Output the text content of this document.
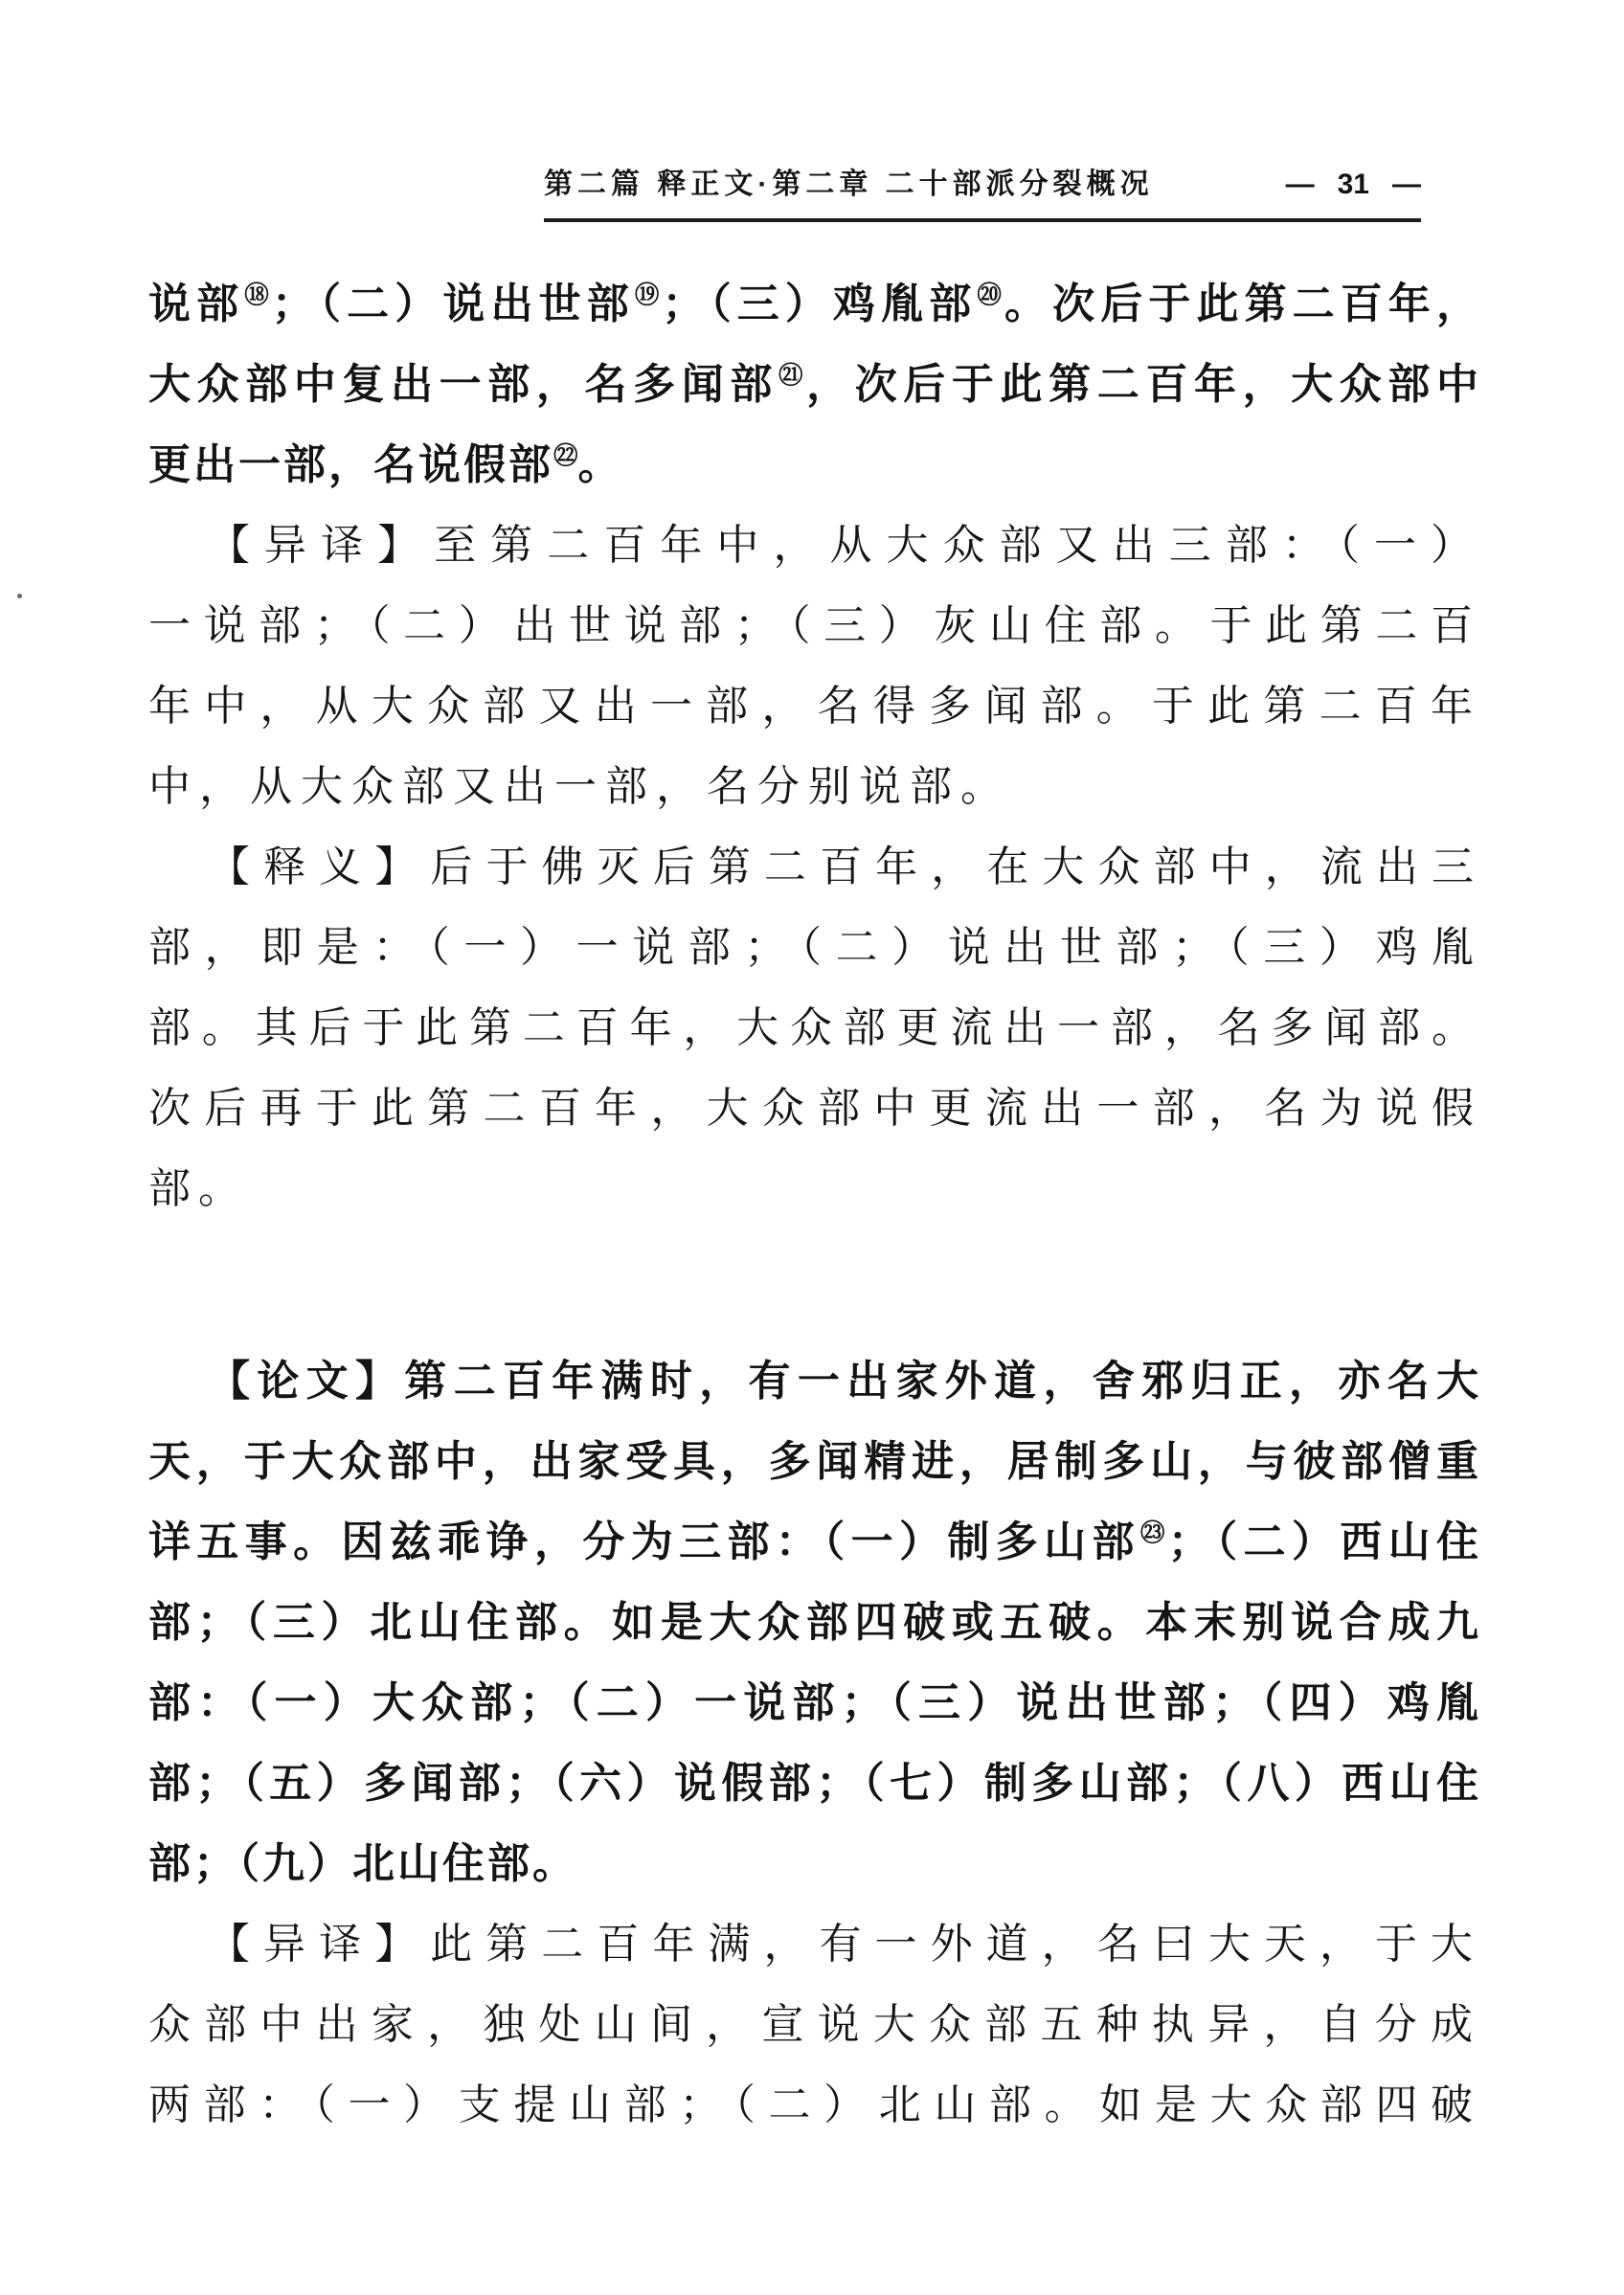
第二篇 释正文·第二章 二十部派分裂概况	— 31 —
说部⑱；（二）说出世部⑲；（三）鸡胤部⑳。次后于此第二百年，
大众部中复出一部，名多闻部$^㉑$，次后于此第二百年，大众部中
更出一部，名说假部$^㉒$。
【异译】至第二百年中，从大众部又出三部：（一）
一说部；（二）出世说部；（三）灰山住部。于此第二百
年中，从大众部又出一部，名得多闻部。于此第二百年
中，从大众部又出一部，名分别说部。
【释义】后于佛灭后第二百年，在大众部中，流出三
部，即是：（一）一说部；（二）说出世部；（三）鸡胤
部。其后于此第二百年，大众部更流出一部，名多闻部。
次后再于此第二百年，大众部中更流出一部，名为说假
部。
【论文】第二百年满时，有一出家外道，舍邪归正，亦名大
天，于大众部中，出家受具，多闻精进，居制多山，与彼部僧重
详五事。因兹乖诤，分为三部：（一）制多山部$^㉓$；（二）西山住
部；（三）北山住部。如是大众部四破或五破。本末别说合成九
部：（一）大众部；（二）一说部；（三）说出世部；（四）鸡胤
部；（五）多闻部；（六）说假部；（七）制多山部；（八）西山住
部；（九）北山住部。
【异译】此第二百年满，有一外道，名曰大天，于大
众部中出家，独处山间，宣说大众部五种执异，自分成
两部：（一）支提山部；（二）北山部。如是大众部四破
